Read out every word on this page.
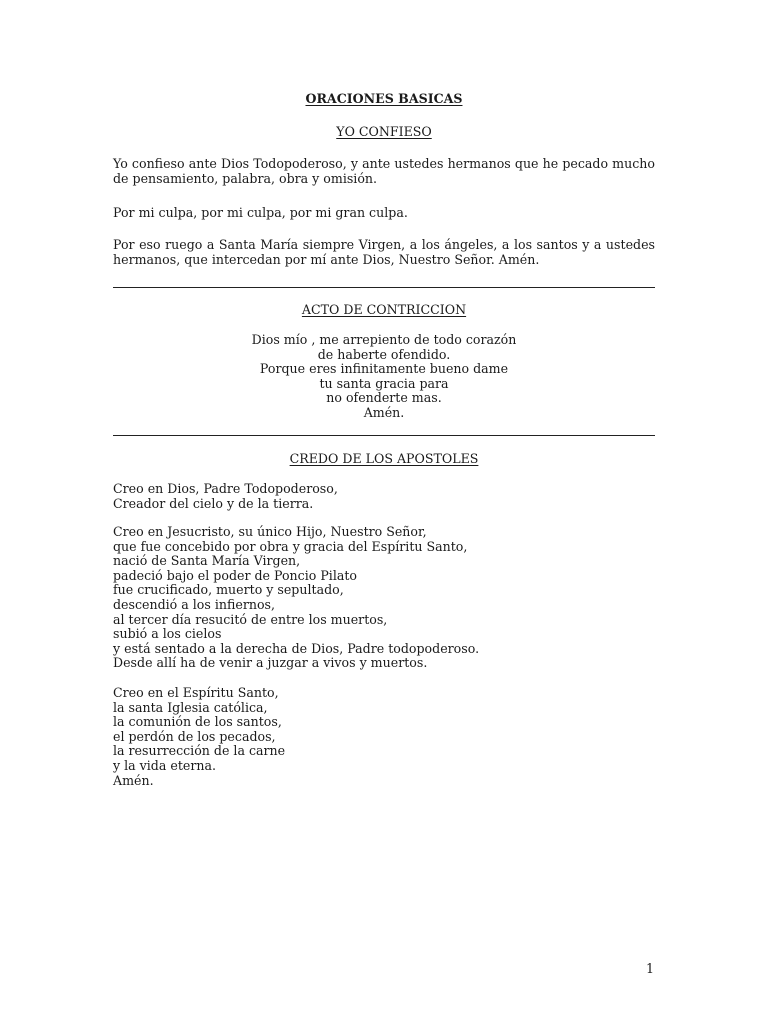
ORACIONES BASICAS
YO CONFIESO

Yo confieso ante Dios Todopoderoso, y ante ustedes hermanos que he pecado mucho de pensamiento, palabra, obra y omisión.

Por mi culpa, por mi culpa, por mi gran culpa.

Por eso ruego a Santa María siempre Virgen, a los ángeles, a los santos y a ustedes hermanos, que intercedan por mí ante Dios, Nuestro Señor. Amén.

ACTO DE CONTRICCION
Dios mío , me arrepiento de todo corazón
de haberte ofendido.
Porque eres infinitamente bueno dame
tu santa gracia para
no ofenderte mas.
Amén.
CREDO DE LOS APOSTOLES
Creo en Dios, Padre Todopoderoso,
Creador del cielo y de la tierra.
Creo en Jesucristo, su único Hijo, Nuestro Señor,
que fue concebido por obra y gracia del Espíritu Santo,
nació de Santa María Virgen,
padeció bajo el poder de Poncio Pilato
fue crucificado, muerto y sepultado,
descendió a los infiernos,
al tercer día resucitó de entre los muertos,
subió a los cielos
y está sentado a la derecha de Dios, Padre todopoderoso.
Desde allí ha de venir a juzgar a vivos y muertos.
Creo en el Espíritu Santo,
la santa Iglesia católica,
la comunión de los santos,
el perdón de los pecados,
la resurrección de la carne
y la vida eterna.
Amén.
1
